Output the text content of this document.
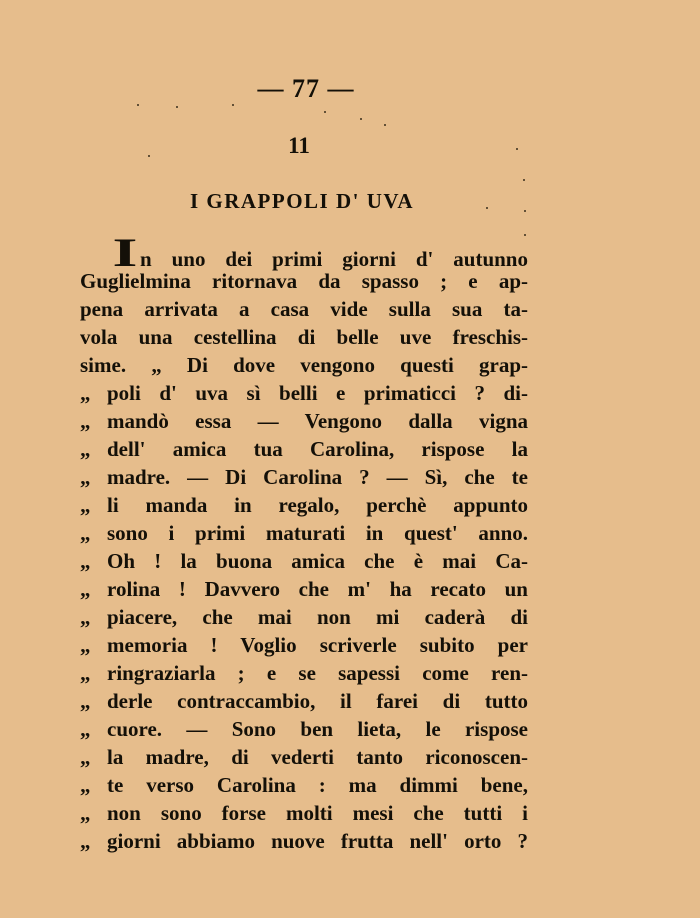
— 77 —
11
I GRAPPOLI D' UVA
I n uno dei primi giorni d' autunno
Guglielmina ritornava da spasso ; e ap-
pena arrivata a casa vide sulla sua ta-
vola una cestellina di belle uve freschis-
sime. „ Di dove vengono questi grap-
„ poli d' uva sì belli e primaticci ? di-
„ mandò essa — Vengono dalla vigna
„ dell' amica tua Carolina, rispose la
„ madre. — Di Carolina ? — Sì, che te
„ li manda in regalo, perchè appunto
„ sono i primi maturati in quest' anno.
„ Oh ! la buona amica che è mai Ca-
„ rolina ! Davvero che m' ha recato un
„ piacere, che mai non mi caderà di
„ memoria ! Voglio scriverle subito per
„ ringraziarla ; e se sapessi come ren-
„ derle contraccambio, il farei di tutto
„ cuore. — Sono ben lieta, le rispose
„ la madre, di vederti tanto riconoscen-
„ te verso Carolina : ma dimmi bene,
„ non sono forse molti mesi che tutti i
„ giorni abbiamo nuove frutta nell' orto ?
